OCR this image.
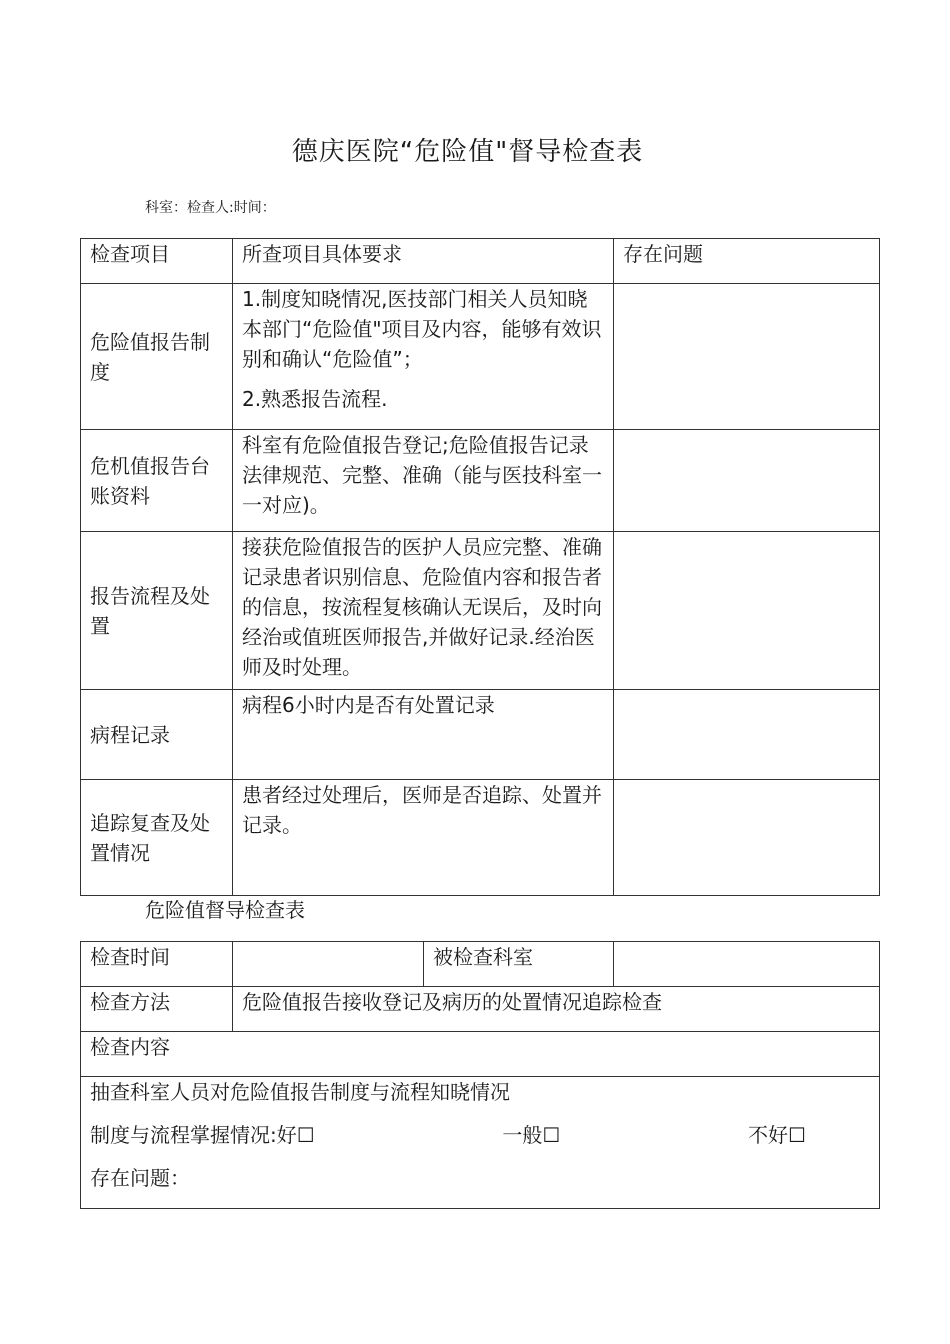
德庆医院“危险值"督导检查表
科室：检查人:时间：
检查项目	所查项目具体要求	存在问题
危险值报告制度	1.制度知晓情况,医技部门相关人员知晓本部门“危险值"项目及内容，能够有效识别和确认“危险值”；
2.熟悉报告流程.	

危机值报告台账资料	科室有危险值报告登记;危险值报告记录法律规范、完整、准确（能与医技科室一一对应)。	
报告流程及处置	接获危险值报告的医护人员应完整、准确记录患者识别信息、危险值内容和报告者的信息，按流程复核确认无误后，及时向经治或值班医师报告,并做好记录.经治医师及时处理。	
病程记录	病程6小时内是否有处置记录	
追踪复查及处置情况	患者经过处理后，医师是否追踪、处置并记录。	
危险值督导检查表
检查时间		被检查科室	
检查方法	危险值报告接收登记及病历的处置情况追踪检查		
检查内容			

抽查科室人员对危险值报告制度与流程知晓情况
制度与流程掌握情况:好☐ 一般☐ 不好☐
存在问题：			
